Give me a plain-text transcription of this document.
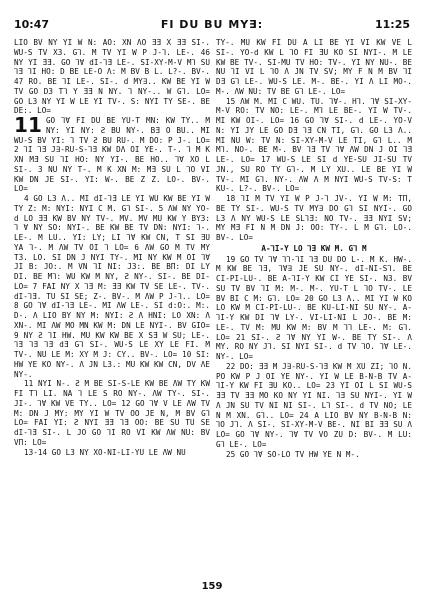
10:47	FI DU BU MY∃:	11:25

LIO BV NY YI W N: AO: XN ΛO ƎƎ X ƎƎ SI-. WU-S TV X3. G⅂. M TV YI W P J-⅂. LE-. 46 NY YI ƎƎ. GO ⅂Ɐ dI-⅂Ǝ LE-. SI-XY-M-V M⅂ SU ⅂Ǝ ⅂I HO: D BE LE-O Λ: M BV B L. L?-. BV-. 47 RO. BE ⅂I LE-. SI-. d MY∃.. KW BE YI W TV GO D3 T⅂ Y ƎƎ N NY. ⅂ NY-.. W G⅂. LO= GO L3 NY YI W LE YI TV-. S: NYI TY SE-. BE DE:. LO=

11 GO ⅂Ɐ FI DU BE YU-T MN: KW TY.. M NY: YI NY: Ƨ BU NY-. BƎ O BU.. MI WU-S BV YI: ⅂ TV Ƨ BU RU-. M DO: P J-. LO= 2 ⅂I ⅂Ǝ J∃-RU-S-⅂Ǝ KW DΛ OI YE-. T-. ⅂ M K XN MƎ SU ⅂I HO: NY YI-. BE HO.. ⅂Ɐ XO L SI-. 3 NU NY T-. M K XN M: MƎ SU L ⅂O VI KW DN JE SI-. YI: W-. BE Z Z. LO-. BV-. LO=

4 GO L3 Λ.. MI dI-⅂Ǝ LE YI WU KW BE YI W TY Z: M: NYI: NYI C M. G⅂ SI-. 5 ΛW NY YO-d LO ƎƎ KW BV NY TV-. MV. MV MU KW Y BY3: ⅂ Ɐ NY SO: NYI-. BE KW BE TV DN: NYI: ⅂-. LE-. M LU.. YI: LY; LI ⅂Ɐ KW CN, T SI ƎU YA ⅂-. M ΛW TV OI ⅂ LO= 6 ΛW GO M TV MY T3. LO. SI DN J NYI TY-. MI NY KW M OI ⅂Ɐ JI B: JO:. M VN ⅂I NI: J3:. BE BΠ: DI LY DI. BE M⅂: WU KW M NY, Ƨ NY-. SI-. BE DI- LO= 7 FAI NY X ⅂Ǝ M: ƎƎ KW TV SE LE-. TV-. dI-⅂Ǝ. TU SI SE; Z-. BV-. M ΛW P J-⅂.. LO= 8 GO ⅂Ɐ dI-⅂Ǝ LE-. MI ΛW LE-. SI d:O:. M:. D-. Λ LIO BY NY M: NYI: Ƨ Λ HNI: LO XN: Λ XN-. MI ΛW MO MN KW M: DN LE NYI-. BV GIO= 9 NY Ƨ ⅂I HW. MU KW KW BE X SƎ W SU; LE-. ⅂Ǝ ⅂Ǝ ⅂Ǝ dƎ G⅂ SI-. WU-S LE XY LE FI. M TV-. NU LE M: XY M J: CY.. BV-. LO= 10 SI: HW YE KO NY-. Λ JN L3.: MU KW KW CN, DV ΛE NY-.

11 NYI N-. Ƨ M BE SI-S-LE KW BE ΛW TY KW FI T⅂ LI. NA ⅂ LE S RO NY-. ΛW TY-. SI-. JI-. ⅂Ɐ KW VE TY.. LO= 12 GO ⅂Ɐ V LE ΛW TV M: DN J MY: MY YI W TV OO JE N, M BV G⅂ LO= FAI YI: Ƨ NYI ƎƎ ⅂Ǝ OO: BE SU TU SE dI-⅂Ǝ SI-. L JO GO ⅂I RO VI KW ΛW NU: BV VΠ: LO=

13-14 GO L3 NY XO-NI-LI-YU LE ΛW NU

TY-. MU KW FI DU A LI BE YI VI KW VE L SI-. YO-d KW L ⅂O FI ƎU KO SI NYI-. M LE KW BE TV-. SI-MU TV HO: TV-. YI NY NU-. BE NU ⅂I VI L ⅂O Λ JN TV SV; MY F N M BV ⅂I DƎ G⅂ LE-. WU-S LE. M-. BE-. YI Λ LI MO-. M-. ΛW NU: TV BE G⅂ LE-. LO=

15 ΛW M. MI C WU. TU. ⅂Ɐ-. H⅂. ⅂Ɐ SI-XY-M-V RO: TV NO: LE-. M⅂ LE BE-. YI W TV-. MI KW OI-. LO= 16 GO ⅂Ɐ SI-. d LE-. YO-V N: YI JY LE GO DƎ ⅂Ǝ CN TI, G⅂. GO L3 Λ.. MI NU W: TV N: SI-XY-M-V LE TI, G⅂ L.. M M⅂. NO-. BE M-. BV ⅂Ǝ TV ⅂Ɐ ΛW DN J OI ⅂Ǝ LE-. LO= 17 WU-S LE SI d YE-SU JI-SU TV JN., SU RO TY G⅂-. M LY XU.. LE BE YI W TV-. MI G⅂. NY-. ΛW Λ M NYI WU-S TV-S: T KU-. L?-. BV-. LO=

18 ⅂I M TV YI W P J-⅂ JV-. YI W M: TΠ, BE TY SI-. WU-S TV MY∃ DO G⅂ SI NYI-. GO L3 Λ NY WU-S LE SL⅂Ǝ: NO TV-. ƎƎ NYI SV; MY MƎ FI N M DN J: OO: TY-. L M G⅂. LO-. BV-. LO=

A-⅂I-Y LO ⅂Ǝ KW M. G⅂ M

19 GO TV ⅂Ɐ ⅂⅂-⅂I ⅂Ǝ DU DO L-. M K. HW-. M KW BE ⅂Ǝ, ⅂Ɐ∃ JE SU NY-. dI-NI-S⅂. BE CI-PI-LU-. BE A-⅂I-Y KW CI YE SI-. N3. BV SU TV BV ⅂I M: M-. M-. YU-T L ⅂O TV-. LE BV BI C M: G⅂. LO= 20 GO L3 Λ.. MI YI W KO LO KW M CI-PI-LU-. BE KU-LI-NI SU NY-. A-⅂I-Y KW DI ⅂Ɐ LY-. VI-LI-NI L JO-. BE M: LE-. TV M: MU KW M: BV M ⅂⅂ LE-. M: G⅂. LO= 21 SI-. Ƨ ⅂Ɐ NY YI W-. BE TY SI-. Λ MY. RO NY J⅂. SI NYI SI-. d TV ⅂O. ⅂Ɐ LE-. NY-. LO=

22 DO: ƎƎ M J∃-RU-S-⅂Ǝ KW M XU ZI; ⅂O N. PO KW P J OI YE NY-. YI W LE B-N-B TV A-⅂I-Y KW FI ƎU KO.. LO= 23 YI OI L SI WU-S ƎƎ TV ƎƎ MO KO NY YI NI. ⅂Ǝ SU NYI-. YI W Λ JN SU TV NI NI SI-. L⅂ SI-. d TV NO; LE N M XN. G⅂.. LO= 24 A LIO BV NY B-N-B N: ⅂O J⅂. Λ SI-. SI-XY-M-V BE-. NI BI ƎƎ SU Λ LO= GO ⅂Ɐ NY-. ⅂Ɐ TV VO ZU D: BV-. M LU: G⅂ LE-. LO=

25 GO ⅂Ɐ SO-LO TV HW YE N M-.

159
